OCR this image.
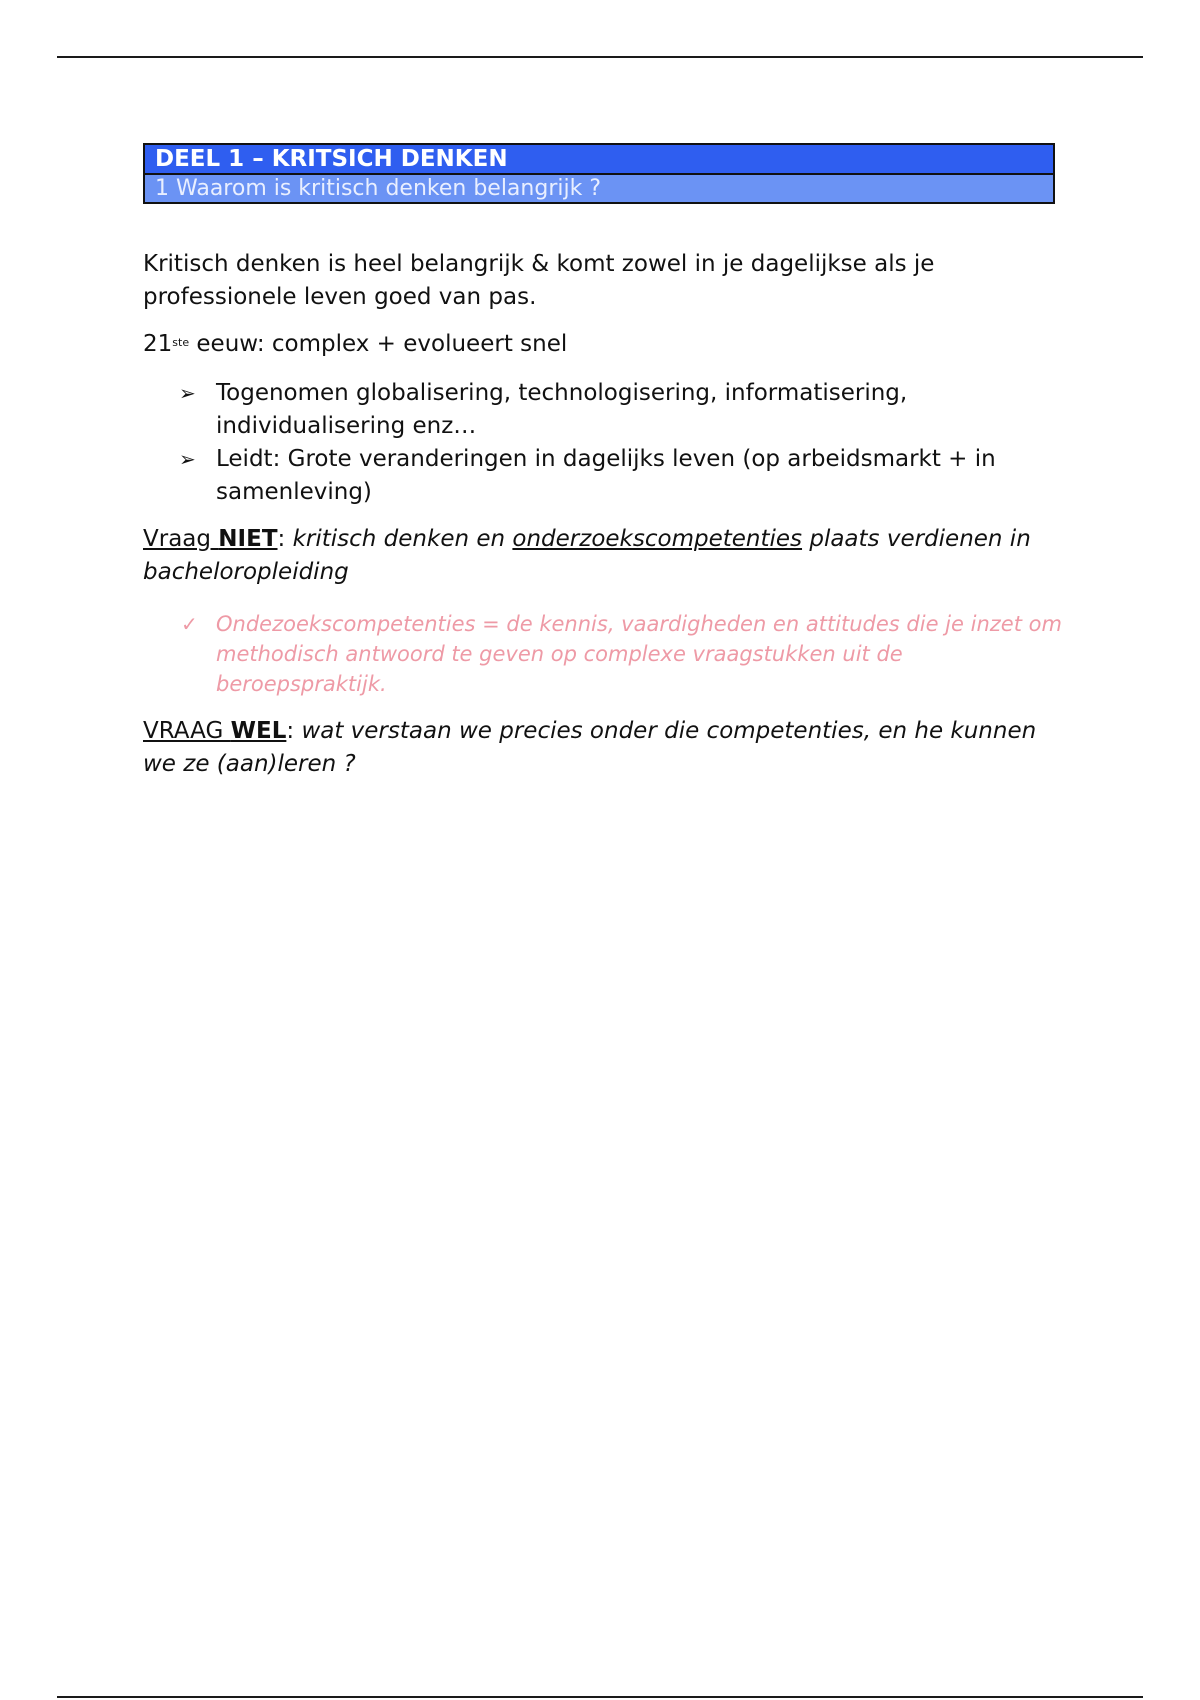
DEEL 1 – KRITSICH DENKEN
1 Waarom is kritisch denken belangrijk ?

Kritisch denken is heel belangrijk & komt zowel in je dagelijkse als je professionele leven goed van pas.

21ste eeuw: complex + evolueert snel

➢ Togenomen globalisering, technologisering, informatisering, individualisering enz…
➢ Leidt: Grote veranderingen in dagelijks leven (op arbeidsmarkt + in samenleving)

Vraag NIET: kritisch denken en onderzoekscompetenties plaats verdienen in bacheloropleiding

✓ Ondezoekscompetenties = de kennis, vaardigheden en attitudes die je inzet om methodisch antwoord te geven op complexe vraagstukken uit de beroepspraktijk.

VRAAG WEL: wat verstaan we precies onder die competenties, en he kunnen we ze (aan)leren ?
